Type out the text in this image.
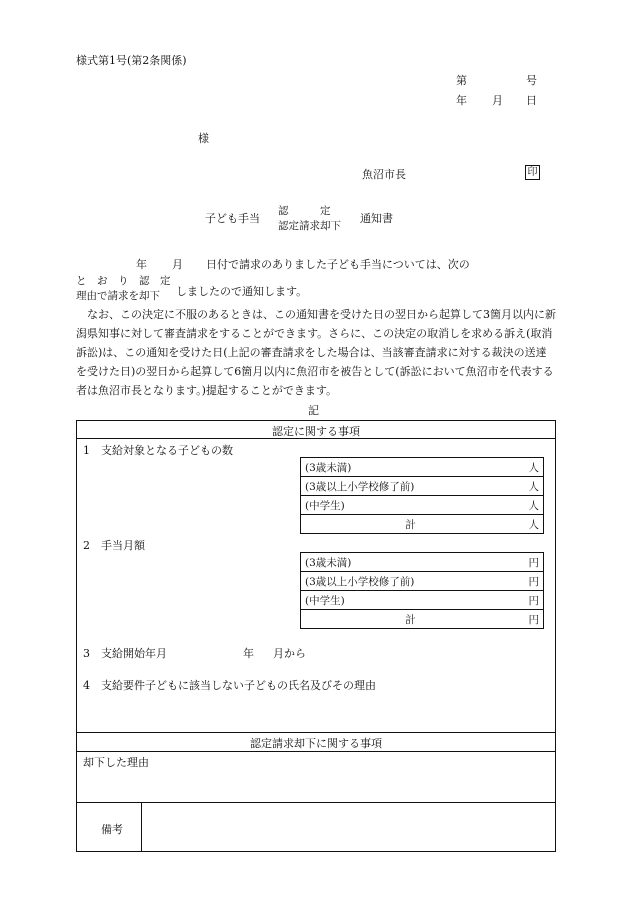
様式第1号(第2条関係)
第	号
年 月 日
様
魚沼市長	印
子ども手当
認　　　定
認定請求却下
通知書
年 月 日付で請求のありました子ども手当については、次の
と　お　り　認　定
理由で請求を却下 しましたので通知します。

　なお、この決定に不服のあるときは、この通知書を受けた日の翌日から起算して3箇月以内に新潟県知事に対して審査請求をすることができます。さらに、この決定の取消しを求める訴え(取消訴訟)は、この通知を受けた日(上記の審査請求をした場合は、当該審査請求に対する裁決の送達を受けた日)の翌日から起算して6箇月以内に魚沼市を被告として(訴訟において魚沼市を代表する者は魚沼市長となります。)提起することができます。

記
認定に関する事項
1　支給対象となる子どもの数
(3歳未満)	人
(3歳以上小学校修了前)	人
(中学生)	人
計	人
2　手当月額
(3歳未満)	円
(3歳以上小学校修了前)	円
(中学生)	円
計	円
3　支給開始年月	年 月から
4　支給要件子どもに該当しない子どもの氏名及びその理由
認定請求却下に関する事項
却下した理由
備考
